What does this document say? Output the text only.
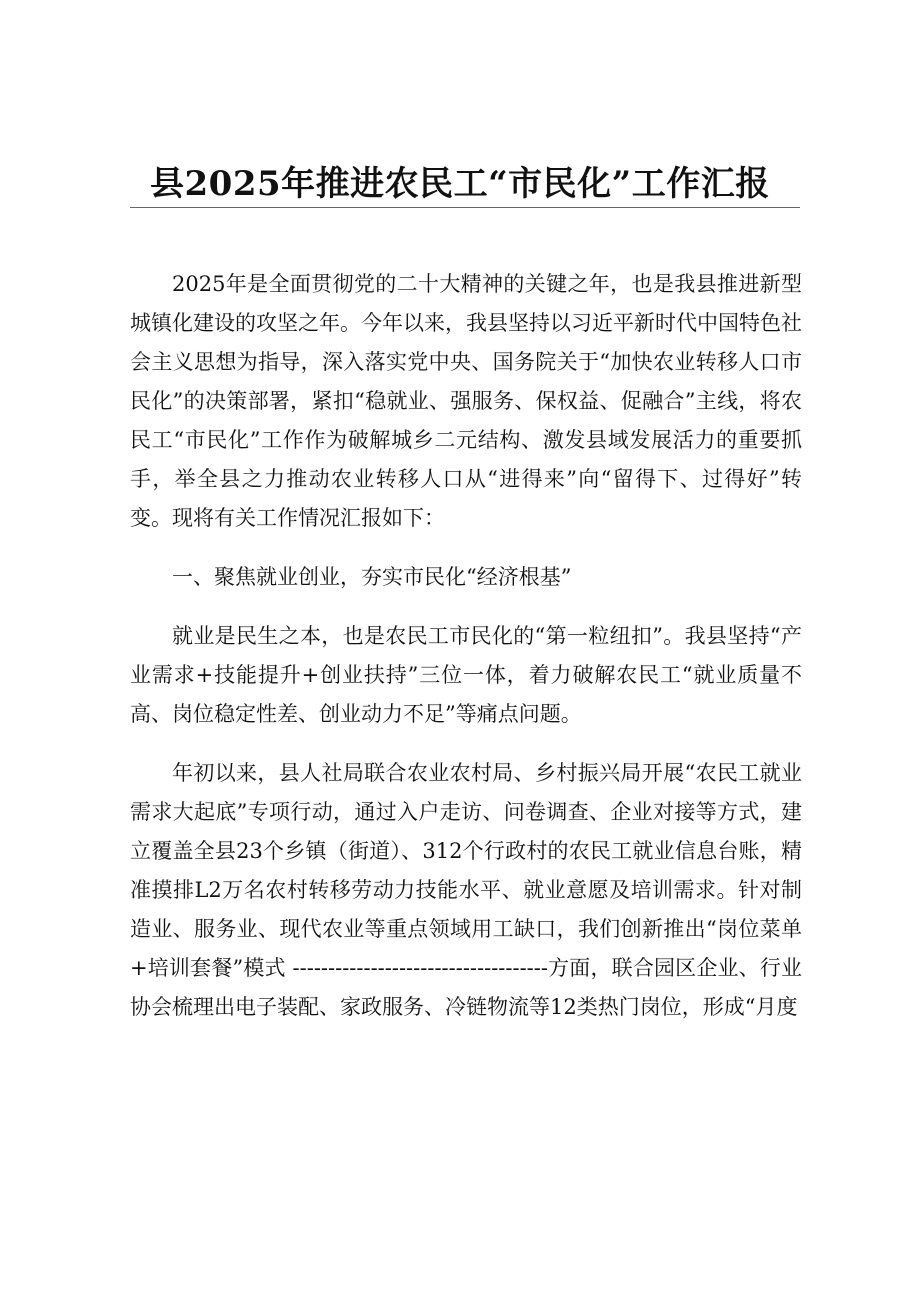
县2025年推进农民工“市民化”工作汇报

2025年是全面贯彻党的二十大精神的关键之年，也是我县推进新型城镇化建设的攻坚之年。今年以来，我县坚持以习近平新时代中国特色社会主义思想为指导，深入落实党中央、国务院关于“加快农业转移人口市民化”的决策部署，紧扣“稳就业、强服务、保权益、促融合”主线，将农民工“市民化”工作作为破解城乡二元结构、激发县域发展活力的重要抓手，举全县之力推动农业转移人口从“进得来”向“留得下、过得好”转变。现将有关工作情况汇报如下：

一、聚焦就业创业，夯实市民化“经济根基”

就业是民生之本，也是农民工市民化的“第一粒纽扣”。我县坚持“产业需求+技能提升+创业扶持”三位一体，着力破解农民工“就业质量不高、岗位稳定性差、创业动力不足”等痛点问题。

年初以来，县人社局联合农业农村局、乡村振兴局开展“农民工就业需求大起底”专项行动，通过入户走访、问卷调查、企业对接等方式，建立覆盖全县23个乡镇（街道）、312个行政村的农民工就业信息台账，精准摸排L2万名农村转移劳动力技能水平、就业意愿及培训需求。针对制造业、服务业、现代农业等重点领域用工缺口，我们创新推出“岗位菜单+培训套餐”模式 ------------------------------------方面，联合园区企业、行业协会梳理出电子装配、家政服务、冷链物流等12类热门岗位，形成“月度
